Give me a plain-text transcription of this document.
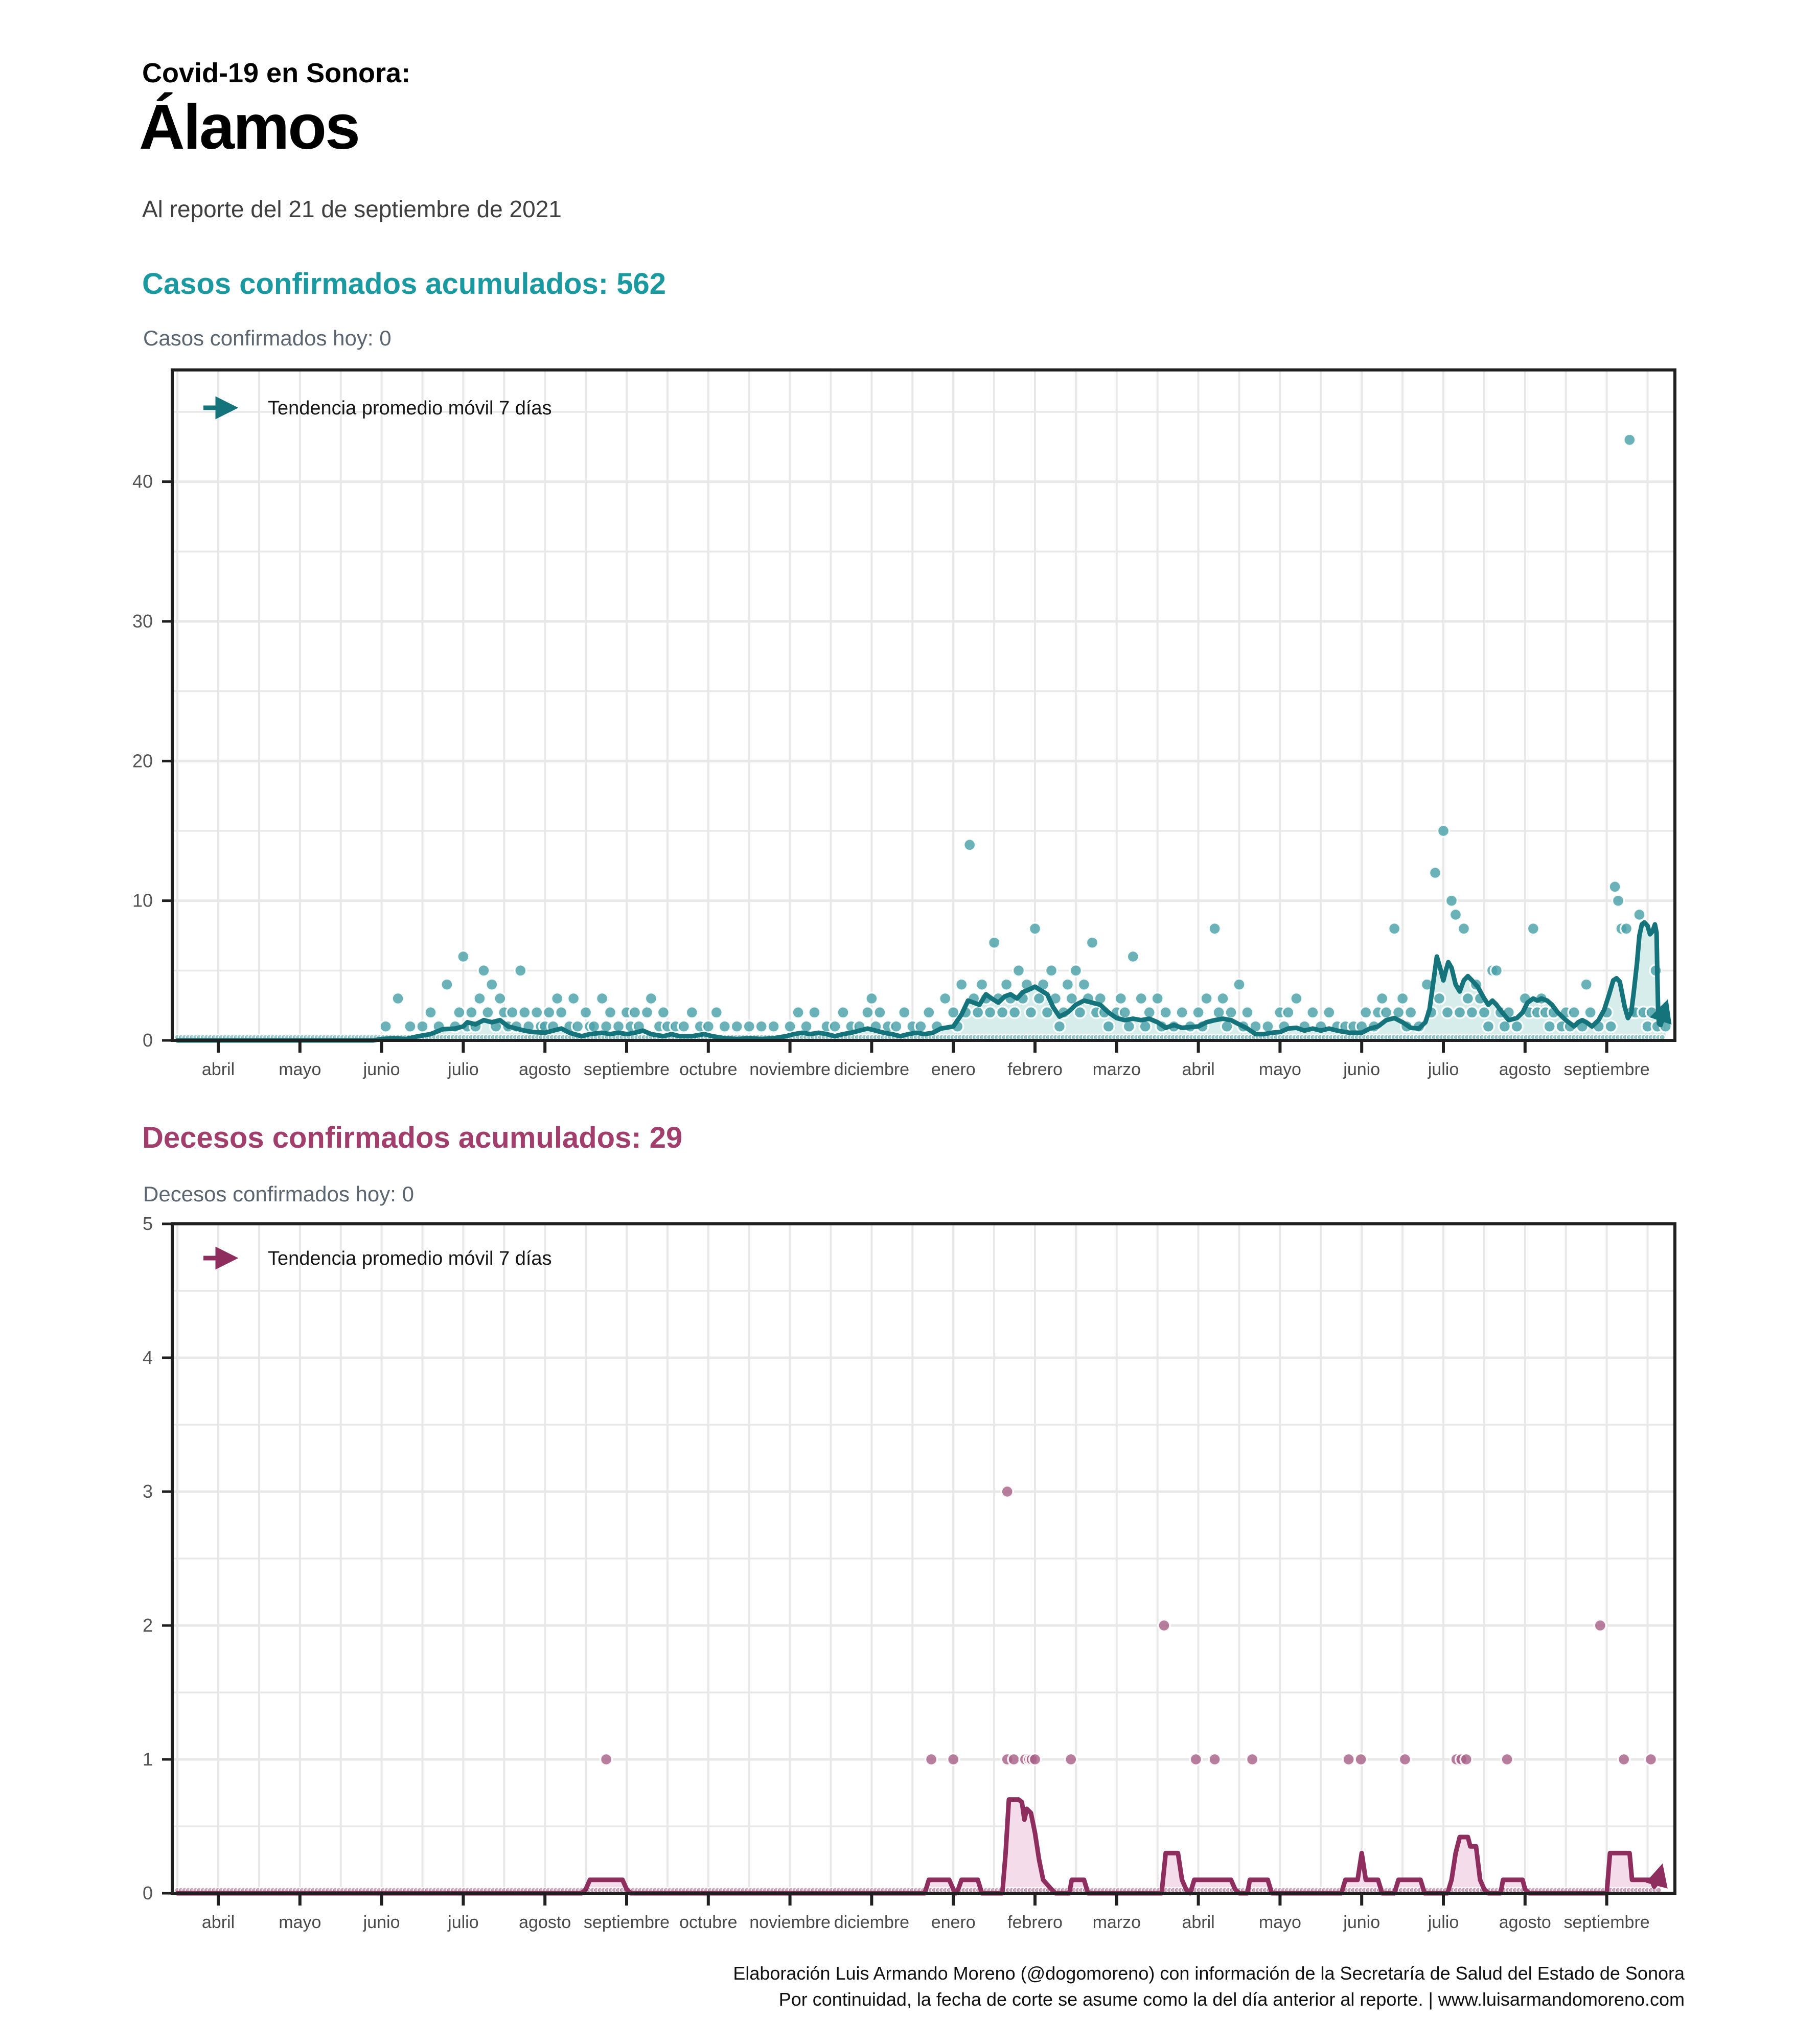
abril	mayo junio	julio agosto septiembre octubre noviembre diciembre enero febrero marzo abril	mayo junio	julio agosto septiembre
0
10
20
30
40
Tendencia promedio móvil 7 días
abril	mayo junio	julio agosto septiembre octubre noviembre diciembre enero febrero marzo abril	mayo junio	julio agosto septiembre
0
1
2
3
4
5
Tendencia promedio móvil 7 días
Covid-19 en Sonora:
Álamos
Al reporte del 21 de septiembre de 2021
Casos confirmados acumulados: 562
Casos confirmados hoy: 0
Decesos confirmados acumulados: 29
Decesos confirmados hoy: 0
Elaboración Luis Armando Moreno (@dogomoreno) con información de la Secretaría de Salud del Estado de Sonora
Por continuidad, la fecha de corte se asume como la del día anterior al reporte. | www.luisarmandomoreno.com
